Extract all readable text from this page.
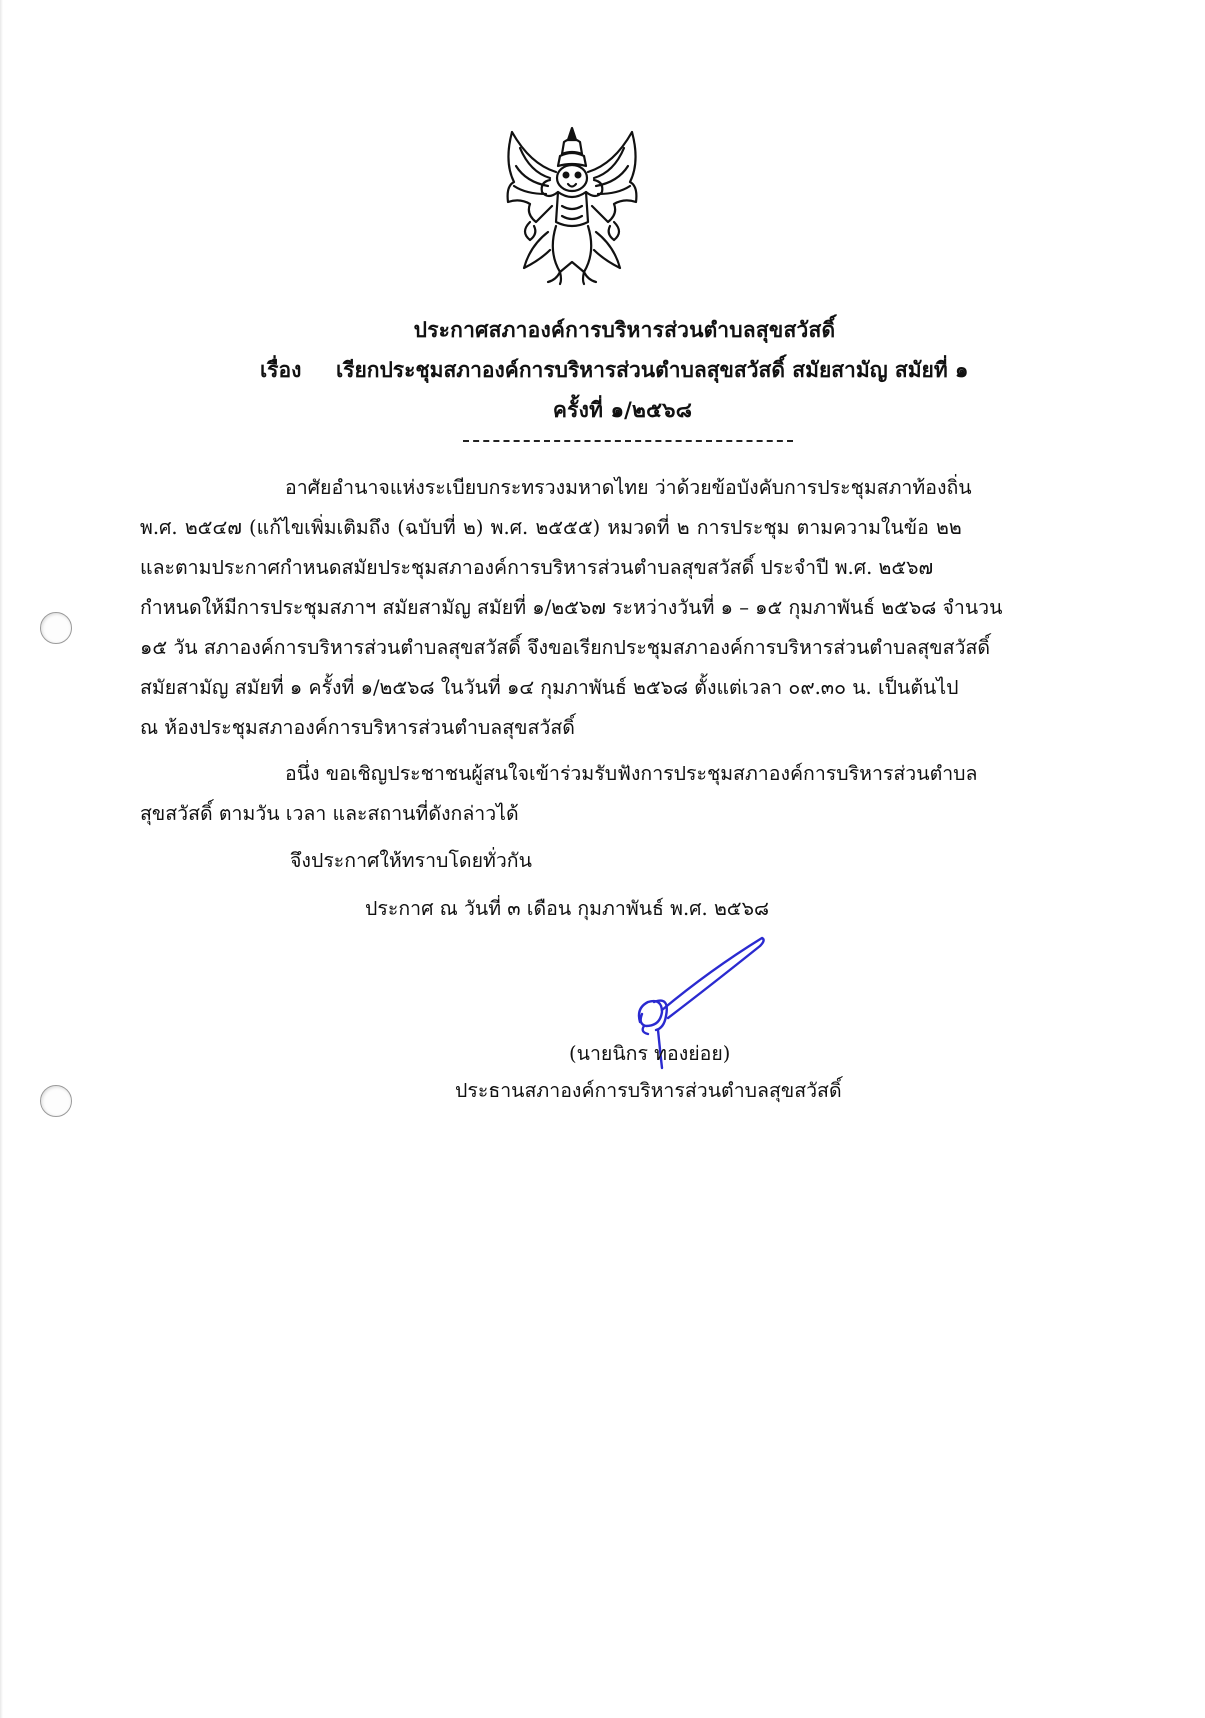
ประกาศสภาองค์การบริหารส่วนตำบลสุขสวัสดิ์
เรื่อง เรียกประชุมสภาองค์การบริหารส่วนตำบลสุขสวัสดิ์ สมัยสามัญ สมัยที่ ๑
ครั้งที่ ๑/๒๕๖๘
อาศัยอำนาจแห่งระเบียบกระทรวงมหาดไทย ว่าด้วยข้อบังคับการประชุมสภาท้องถิ่น
พ.ศ. ๒๕๔๗ (แก้ไขเพิ่มเติมถึง (ฉบับที่ ๒) พ.ศ. ๒๕๕๕) หมวดที่ ๒ การประชุม ตามความในข้อ ๒๒
และตามประกาศกำหนดสมัยประชุมสภาองค์การบริหารส่วนตำบลสุขสวัสดิ์ ประจำปี พ.ศ. ๒๕๖๗
กำหนดให้มีการประชุมสภาฯ สมัยสามัญ สมัยที่ ๑/๒๕๖๗ ระหว่างวันที่ ๑ – ๑๕ กุมภาพันธ์ ๒๕๖๘ จำนวน
๑๕ วัน สภาองค์การบริหารส่วนตำบลสุขสวัสดิ์ จึงขอเรียกประชุมสภาองค์การบริหารส่วนตำบลสุขสวัสดิ์
สมัยสามัญ สมัยที่ ๑ ครั้งที่ ๑/๒๕๖๘ ในวันที่ ๑๔ กุมภาพันธ์ ๒๕๖๘ ตั้งแต่เวลา ๐๙.๓๐ น. เป็นต้นไป
ณ ห้องประชุมสภาองค์การบริหารส่วนตำบลสุขสวัสดิ์
อนึ่ง ขอเชิญประชาชนผู้สนใจเข้าร่วมรับฟังการประชุมสภาองค์การบริหารส่วนตำบล
สุขสวัสดิ์ ตามวัน เวลา และสถานที่ดังกล่าวได้
จึงประกาศให้ทราบโดยทั่วกัน
ประกาศ ณ วันที่ ๓ เดือน กุมภาพันธ์ พ.ศ. ๒๕๖๘
(นายนิกร ทองย่อย)
ประธานสภาองค์การบริหารส่วนตำบลสุขสวัสดิ์
